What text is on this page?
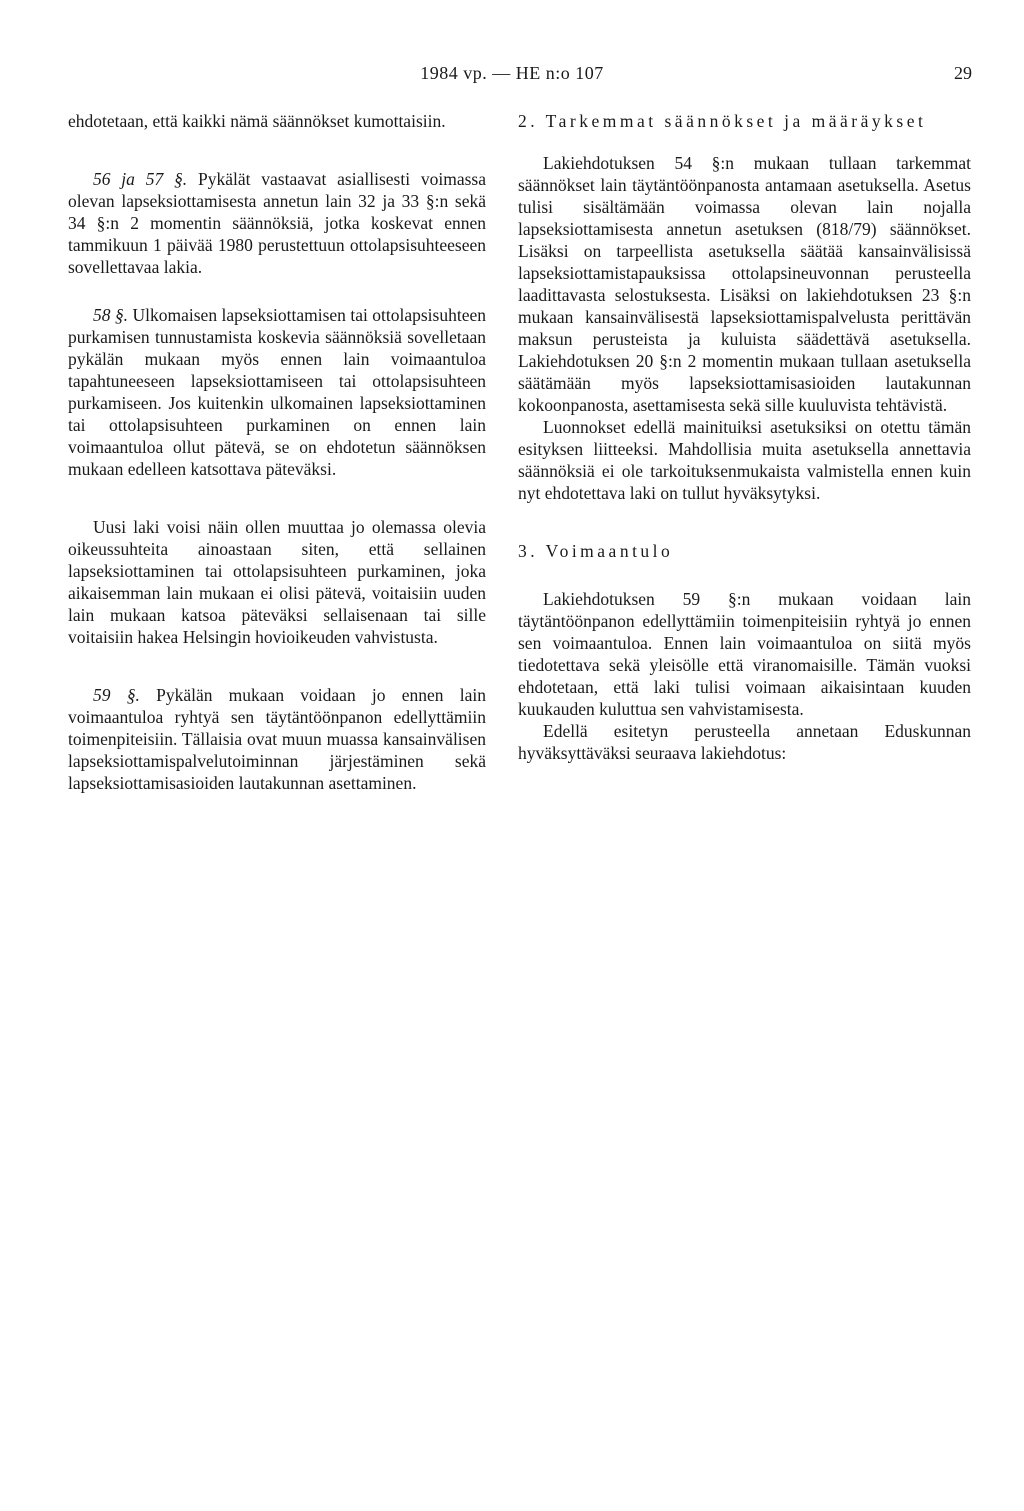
1984 vp. — HE n:o 107	29

ehdotetaan, että kaikki nämä säännökset kumottaisiin.

56 ja 57 §. Pykälät vastaavat asiallisesti voimassa olevan lapseksiottamisesta annetun lain 32 ja 33 §:n sekä 34 §:n 2 momentin säännöksiä, jotka koskevat ennen tammikuun 1 päivää 1980 perustettuun ottolapsisuhteeseen sovellettavaa lakia.

58 §. Ulkomaisen lapseksiottamisen tai ottolapsisuhteen purkamisen tunnustamista koskevia säännöksiä sovelletaan pykälän mukaan myös ennen lain voimaantuloa tapahtuneeseen lapseksiottamiseen tai ottolapsisuhteen purkamiseen. Jos kuitenkin ulkomainen lapseksiottaminen tai ottolapsisuhteen purkaminen on ennen lain voimaantuloa ollut pätevä, se on ehdotetun säännöksen mukaan edelleen katsottava päteväksi.

Uusi laki voisi näin ollen muuttaa jo olemassa olevia oikeussuhteita ainoastaan siten, että sellainen lapseksiottaminen tai ottolapsisuhteen purkaminen, joka aikaisemman lain mukaan ei olisi pätevä, voitaisiin uuden lain mukaan katsoa päteväksi sellaisenaan tai sille voitaisiin hakea Helsingin hovioikeuden vahvistusta.

59 §. Pykälän mukaan voidaan jo ennen lain voimaantuloa ryhtyä sen täytäntöönpanon edellyttämiin toimenpiteisiin. Tällaisia ovat muun muassa kansainvälisen lapseksiottamispalvelutoiminnan järjestäminen sekä lapseksiottamisasioiden lautakunnan asettaminen.

2. Tarkemmat säännökset ja määräykset

Lakiehdotuksen 54 §:n mukaan tullaan tarkemmat säännökset lain täytäntöönpanosta antamaan asetuksella. Asetus tulisi sisältämään voimassa olevan lain nojalla lapseksiottamisesta annetun asetuksen (818/79) säännökset. Lisäksi on tarpeellista asetuksella säätää kansainvälisissä lapseksiottamistapauksissa ottolapsineuvonnan perusteella laadittavasta selostuksesta. Lisäksi on lakiehdotuksen 23 §:n mukaan kansainvälisestä lapseksiottamispalvelusta perittävän maksun perusteista ja kuluista säädettävä asetuksella. Lakiehdotuksen 20 §:n 2 momentin mukaan tullaan asetuksella säätämään myös lapseksiottamisasioiden lautakunnan kokoonpanosta, asettamisesta sekä sille kuuluvista tehtävistä.

Luonnokset edellä mainituiksi asetuksiksi on otettu tämän esityksen liitteeksi. Mahdollisia muita asetuksella annettavia säännöksiä ei ole tarkoituksenmukaista valmistella ennen kuin nyt ehdotettava laki on tullut hyväksytyksi.

3. Voimaantulo

Lakiehdotuksen 59 §:n mukaan voidaan lain täytäntöönpanon edellyttämiin toimenpiteisiin ryhtyä jo ennen sen voimaantuloa. Ennen lain voimaantuloa on siitä myös tiedotettava sekä yleisölle että viranomaisille. Tämän vuoksi ehdotetaan, että laki tulisi voimaan aikaisintaan kuuden kuukauden kuluttua sen vahvistamisesta.

Edellä esitetyn perusteella annetaan Eduskunnan hyväksyttäväksi seuraava lakiehdotus:
